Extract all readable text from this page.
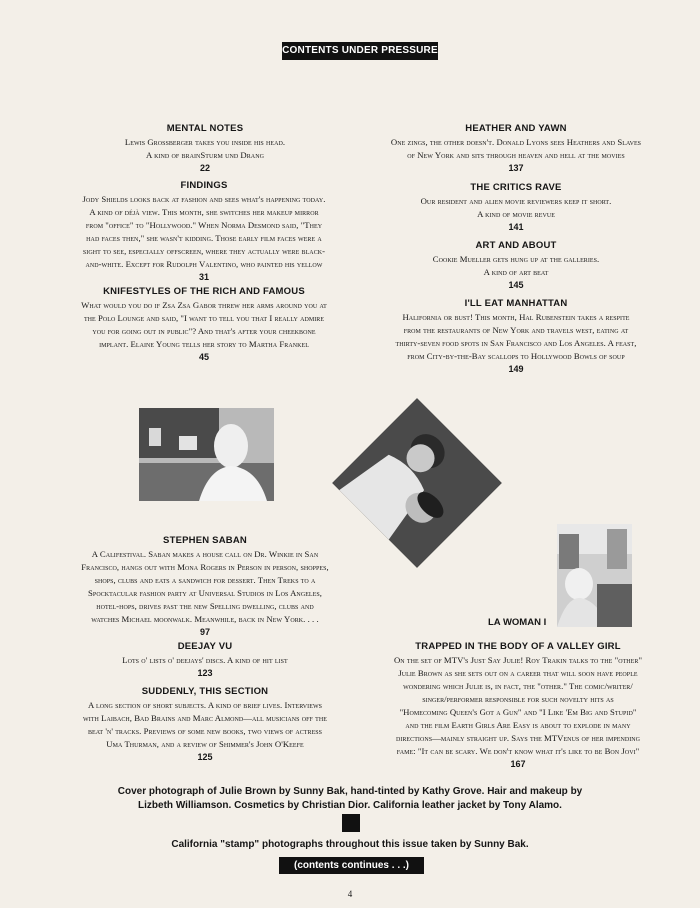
CONTENTS UNDER PRESSURE
MENTAL NOTES
Lewis Grossberger takes you inside his head.
A kind of brainSturm und Drang
22
FINDINGS
Jody Shields looks back at fashion and sees what's happening today.
A kind of déjà view. This month, she switches her makeup mirror
from "office" to "Hollywood." When Norma Desmond said, "They
had faces then," she wasn't kidding. Those early film faces were a
sight to see, especially offscreen, where they actually were black-
and-white. Except for Rudolph Valentino, who painted his yellow
31
KNIFESTYLES OF THE RICH AND FAMOUS
What would you do if Zsa Zsa Gabor threw her arms around you at
the Polo Lounge and said, "I want to tell you that I really admire
you for going out in public"? And that's after your cheekbone
implant. Elaine Young tells her story to Martha Frankel
45
HEATHER AND YAWN
One zings, the other doesn't. Donald Lyons sees Heathers and Slaves
of New York and sits through heaven and hell at the movies
137
THE CRITICS RAVE
Our resident and alien movie reviewers keep it short.
A kind of movie revue
141
ART AND ABOUT
Cookie Mueller gets hung up at the galleries.
A kind of art beat
145
I'LL EAT MANHATTAN
Halifornia or bust! This month, Hal Rubenstein takes a respite
from the restaurants of New York and travels west, eating at
thirty-seven food spots in San Francisco and Los Angeles. A feast,
from City-by-the-Bay scallops to Hollywood Bowls of soup
149
LA WOMAN I
STEPHEN SABAN
A Califestival. Saban makes a house call on Dr. Winkie in San
Francisco, hangs out with Mona Rogers in Person in person, shoppes,
shops, clubs and eats a sandwich for dessert. Then Treks to a
Spocktacular fashion party at Universal Studios in Los Angeles,
hotel-hops, drives past the new Spelling dwelling, clubs and
watches Michael moonwalk. Meanwhile, back in New York. . . .
97
DEEJAY VU
Lots o' lists o' deejays' discs. A kind of hit list
123
SUDDENLY, THIS SECTION
A long section of short subjects. A kind of brief lives. Interviews
with Laibach, Bad Brains and Marc Almond—all musicians off the
beat 'n' tracks. Previews of some new books, two views of actress
Uma Thurman, and a review of Shimmer's John O'Keefe
125
TRAPPED IN THE BODY OF A VALLEY GIRL
On the set of MTV's Just Say Julie! Roy Trakin talks to the "other"
Julie Brown as she sets out on a career that will soon have people
wondering which Julie is, in fact, the "other." The comic/writer/
singer/performer responsible for such novelty hits as
"Homecoming Queen's Got a Gun" and "I Like 'Em Big and Stupid"
and the film Earth Girls Are Easy is about to explode in many
directions—mainly straight up. Says the MTVenus of her impending
fame: "It can be scary. We don't know what it's like to be Bon Jovi"
167
Cover photograph of Julie Brown by Sunny Bak, hand-tinted by Kathy Grove. Hair and makeup by
Lizbeth Williamson. Cosmetics by Christian Dior. California leather jacket by Tony Alamo.
California "stamp" photographs throughout this issue taken by Sunny Bak.
(contents continues . . .)
4
